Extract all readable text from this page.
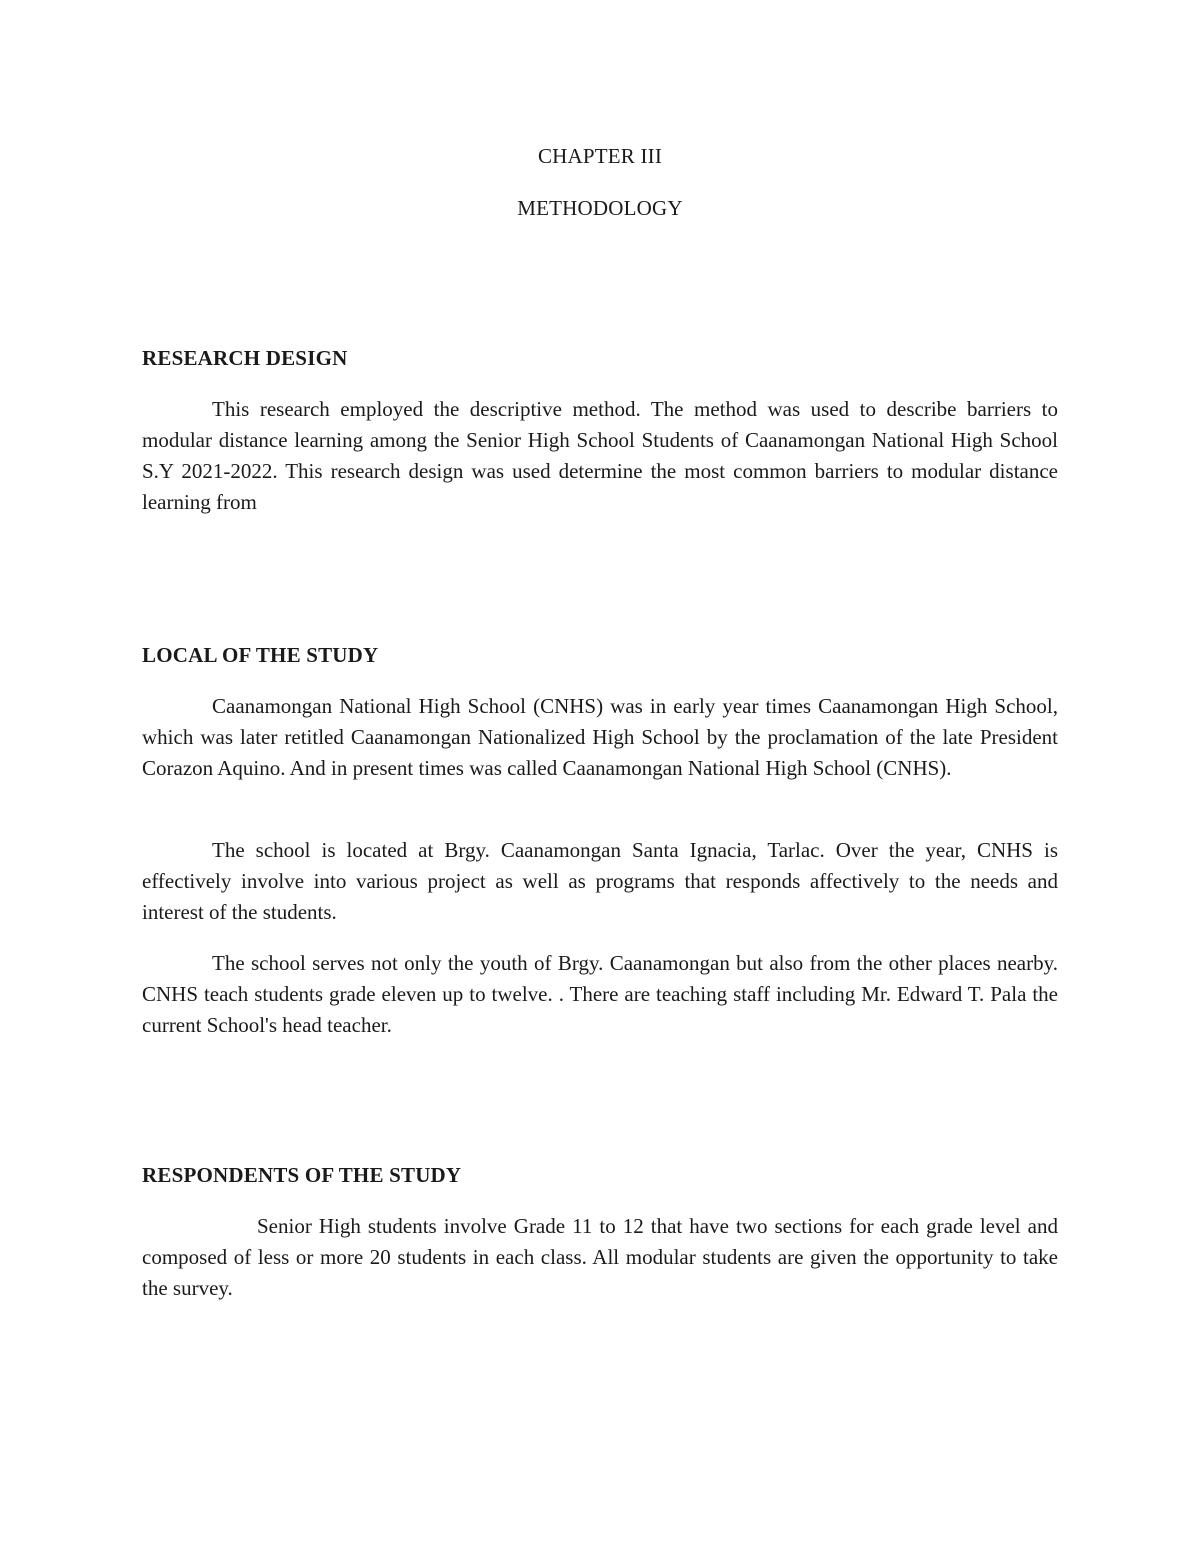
CHAPTER III
METHODOLOGY
RESEARCH DESIGN

This research employed the descriptive method. The method was used to describe barriers to modular distance learning among the Senior High School Students of Caanamongan National High School S.Y 2021-2022. This research design was used determine the most common barriers to modular distance learning from

LOCAL OF THE STUDY

Caanamongan National High School (CNHS) was in early year times Caanamongan High School, which was later retitled Caanamongan Nationalized High School by the proclamation of the late President Corazon Aquino. And in present times was called Caanamongan National High School (CNHS).

The school is located at Brgy. Caanamongan Santa Ignacia, Tarlac. Over the year, CNHS is effectively involve into various project as well as programs that responds affectively to the needs and interest of the students.

The school serves not only the youth of Brgy. Caanamongan but also from the other places nearby. CNHS teach students grade eleven up to twelve. . There are teaching staff including Mr. Edward T. Pala the current School's head teacher.

RESPONDENTS OF THE STUDY

Senior High students involve Grade 11 to 12 that have two sections for each grade level and composed of less or more 20 students in each class. All modular students are given the opportunity to take the survey.
